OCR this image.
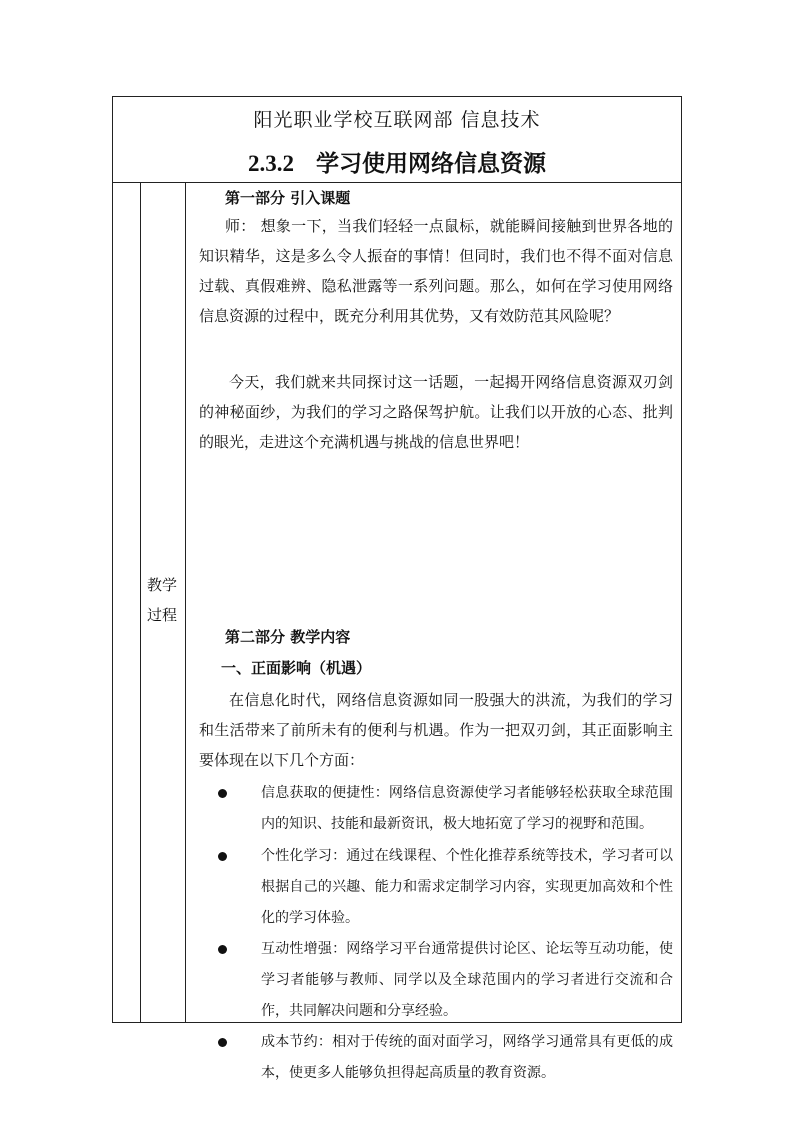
阳光职业学校互联网部 信息技术
2.3.2 学习使用网络信息资源
教学过程
第一部分 引入课题
师： 想象一下，当我们轻轻一点鼠标，就能瞬间接触到世界各地的知识精华，这是多么令人振奋的事情！但同时，我们也不得不面对信息过载、真假难辨、隐私泄露等一系列问题。那么，如何在学习使用网络信息资源的过程中，既充分利用其优势，又有效防范其风险呢？
今天，我们就来共同探讨这一话题，一起揭开网络信息资源双刃剑的神秘面纱，为我们的学习之路保驾护航。让我们以开放的心态、批判的眼光，走进这个充满机遇与挑战的信息世界吧！
第二部分 教学内容
一、正面影响（机遇）
在信息化时代，网络信息资源如同一股强大的洪流，为我们的学习和生活带来了前所未有的便利与机遇。作为一把双刃剑，其正面影响主要体现在以下几个方面：
信息获取的便捷性：网络信息资源使学习者能够轻松获取全球范围内的知识、技能和最新资讯，极大地拓宽了学习的视野和范围。
个性化学习：通过在线课程、个性化推荐系统等技术，学习者可以根据自己的兴趣、能力和需求定制学习内容，实现更加高效和个性化的学习体验。
互动性增强：网络学习平台通常提供讨论区、论坛等互动功能，使学习者能够与教师、同学以及全球范围内的学习者进行交流和合作，共同解决问题和分享经验。
成本节约：相对于传统的面对面学习，网络学习通常具有更低的成本，使更多人能够负担得起高质量的教育资源。
